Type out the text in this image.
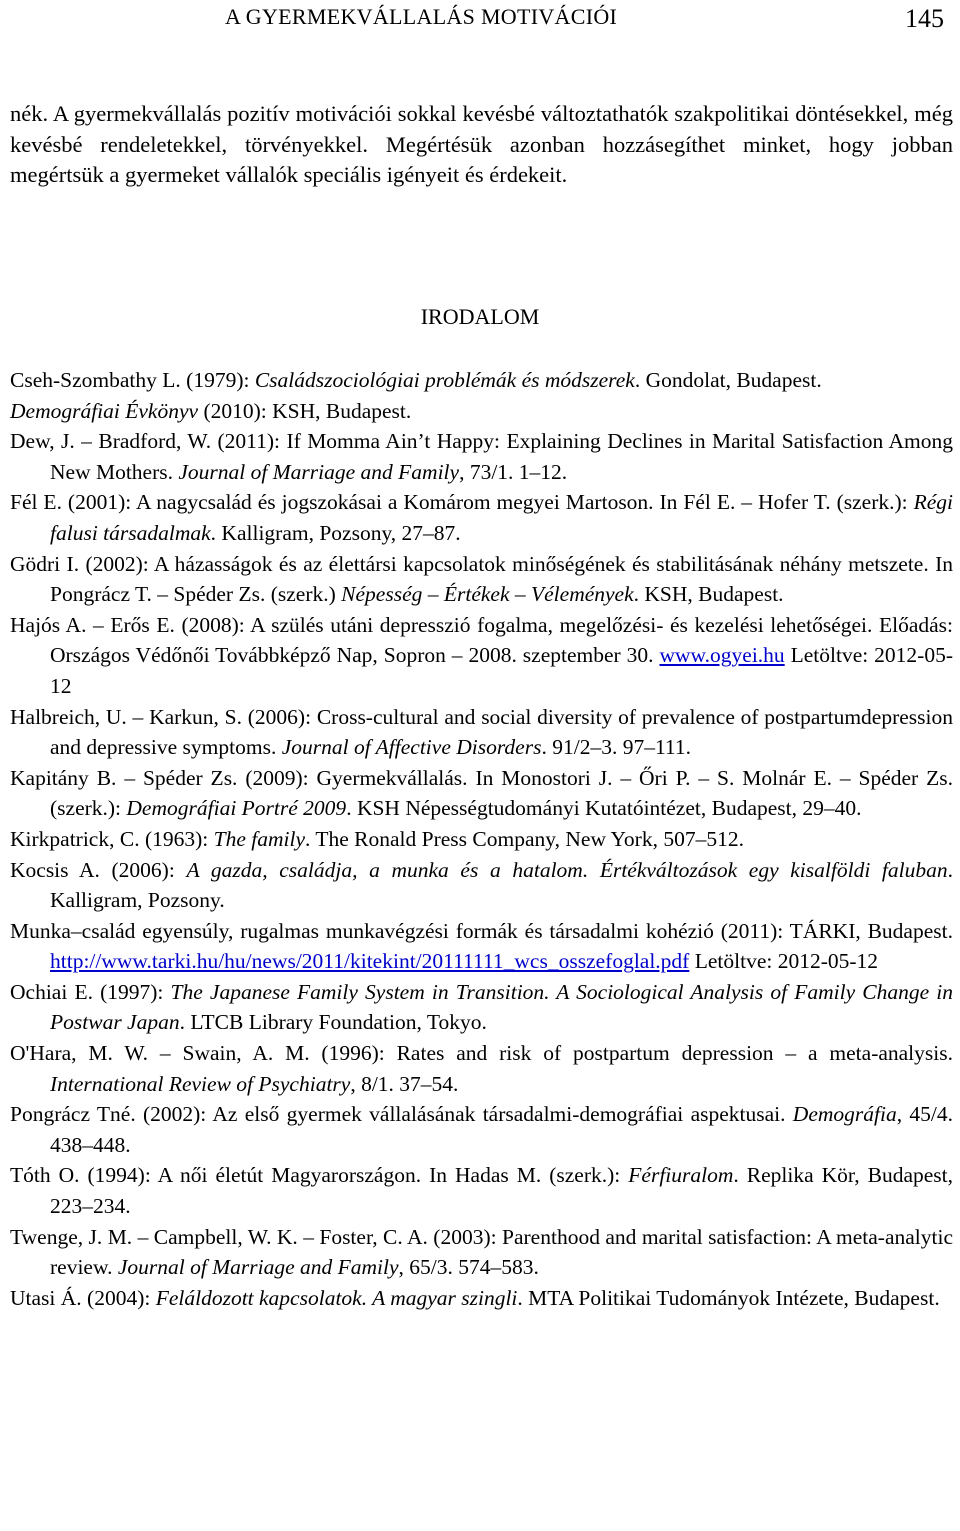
A GYERMEKVÁLLALÁS MOTIVÁCIÓI	145

nék. A gyermekvállalás pozitív motivációi sokkal kevésbé változtathatók szakpolitikai döntésekkel, még kevésbé rendeletekkel, törvényekkel. Megértésük azonban hozzásegíthet minket, hogy jobban megértsük a gyermeket vállalók speciális igényeit és érdekeit.

IRODALOM
Cseh-Szombathy L. (1979): Családszociológiai problémák és módszerek. Gondolat, Budapest.
Demográfiai Évkönyv (2010): KSH, Budapest.
Dew, J. – Bradford, W. (2011): If Momma Ain’t Happy: Explaining Declines in Marital Satisfaction Among New Mothers. Journal of Marriage and Family, 73/1. 1–12.
Fél E. (2001): A nagycsalád és jogszokásai a Komárom megyei Martoson. In Fél E. – Hofer T. (szerk.): Régi falusi társadalmak. Kalligram, Pozsony, 27–87.
Gödri I. (2002): A házasságok és az élettársi kapcsolatok minőségének és stabilitásának néhány metszete. In Pongrácz T. – Spéder Zs. (szerk.) Népesség – Értékek – Vélemények. KSH, Budapest.
Hajós A. – Erős E. (2008): A szülés utáni depresszió fogalma, megelőzési- és kezelési lehetőségei. Előadás: Országos Védőnői Továbbképző Nap, Sopron – 2008. szeptember 30. www.ogyei.hu Letöltve: 2012-05-12
Halbreich, U. – Karkun, S. (2006): Cross-cultural and social diversity of prevalence of postpartumdepression and depressive symptoms. Journal of Affective Disorders. 91/2–3. 97–111.
Kapitány B. – Spéder Zs. (2009): Gyermekvállalás. In Monostori J. – Őri P. – S. Molnár E. – Spéder Zs. (szerk.): Demográfiai Portré 2009. KSH Népességtudományi Kutatóintézet, Budapest, 29–40.
Kirkpatrick, C. (1963): The family. The Ronald Press Company, New York, 507–512.
Kocsis A. (2006): A gazda, családja, a munka és a hatalom. Értékváltozások egy kisalföldi faluban. Kalligram, Pozsony.
Munka–család egyensúly, rugalmas munkavégzési formák és társadalmi kohézió (2011): TÁRKI, Budapest. http://www.tarki.hu/hu/news/2011/kitekint/20111111_wcs_osszefoglal.pdf Letöltve: 2012-05-12
Ochiai E. (1997): The Japanese Family System in Transition. A Sociological Analysis of Family Change in Postwar Japan. LTCB Library Foundation, Tokyo.
O'Hara, M. W. – Swain, A. M. (1996): Rates and risk of postpartum depression – a meta-analysis. International Review of Psychiatry, 8/1. 37–54.
Pongrácz Tné. (2002): Az első gyermek vállalásának társadalmi-demográfiai aspektusai. Demográfia, 45/4. 438–448.
Tóth O. (1994): A női életút Magyarországon. In Hadas M. (szerk.): Férfiuralom. Replika Kör, Budapest, 223–234.
Twenge, J. M. – Campbell, W. K. – Foster, C. A. (2003): Parenthood and marital satisfaction: A meta-analytic review. Journal of Marriage and Family, 65/3. 574–583.
Utasi Á. (2004): Feláldozott kapcsolatok. A magyar szingli. MTA Politikai Tudományok Intézete, Budapest.
